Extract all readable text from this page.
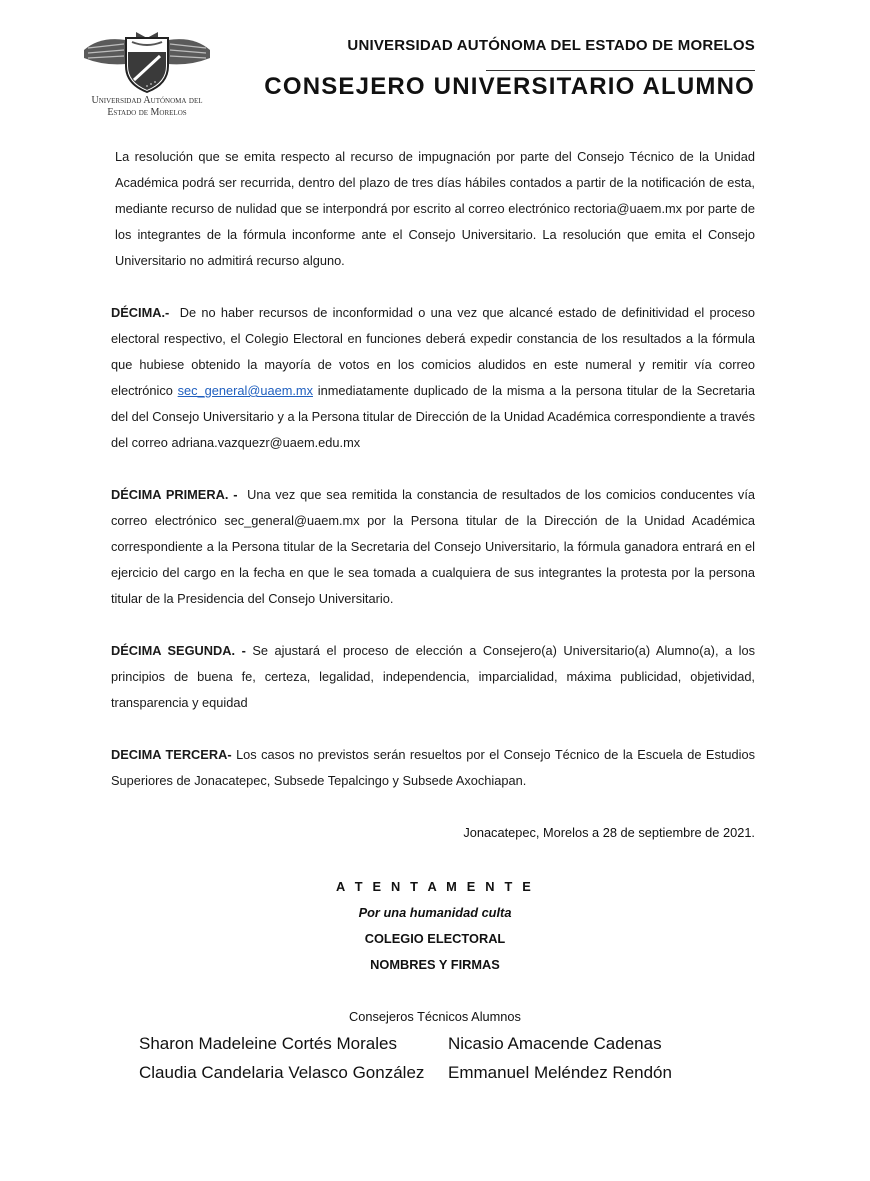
Universidad Autónoma del Estado de Morelos
UNIVERSIDAD AUTÓNOMA DEL ESTADO DE MORELOS
CONSEJERO UNIVERSITARIO ALUMNO

La resolución que se emita respecto al recurso de impugnación por parte del Consejo Técnico de la Unidad Académica podrá ser recurrida, dentro del plazo de tres días hábiles contados a partir de la notificación de esta, mediante recurso de nulidad que se interpondrá por escrito al correo electrónico rectoria@uaem.mx por parte de los integrantes de la fórmula inconforme ante el Consejo Universitario. La resolución que emita el Consejo Universitario no admitirá recurso alguno.

DÉCIMA.- De no haber recursos de inconformidad o una vez que alcancé estado de definitividad el proceso electoral respectivo, el Colegio Electoral en funciones deberá expedir constancia de los resultados a la fórmula que hubiese obtenido la mayoría de votos en los comicios aludidos en este numeral y remitir vía correo electrónico sec_general@uaem.mx inmediatamente duplicado de la misma a la persona titular de la Secretaria del del Consejo Universitario y a la Persona titular de Dirección de la Unidad Académica correspondiente a través del correo adriana.vazquezr@uaem.edu.mx

DÉCIMA PRIMERA. - Una vez que sea remitida la constancia de resultados de los comicios conducentes vía correo electrónico sec_general@uaem.mx por la Persona titular de la Dirección de la Unidad Académica correspondiente a la Persona titular de la Secretaria del Consejo Universitario, la fórmula ganadora entrará en el ejercicio del cargo en la fecha en que le sea tomada a cualquiera de sus integrantes la protesta por la persona titular de la Presidencia del Consejo Universitario.

DÉCIMA SEGUNDA. - Se ajustará el proceso de elección a Consejero(a) Universitario(a) Alumno(a), a los principios de buena fe, certeza, legalidad, independencia, imparcialidad, máxima publicidad, objetividad, transparencia y equidad

DECIMA TERCERA- Los casos no previstos serán resueltos por el Consejo Técnico de la Escuela de Estudios Superiores de Jonacatepec, Subsede Tepalcingo y Subsede Axochiapan.

Jonacatepec, Morelos a 28 de septiembre de 2021.
A T E N T A M E N T E
Por una humanidad culta
COLEGIO ELECTORAL
NOMBRES Y FIRMAS
Consejeros Técnicos Alumnos
Sharon Madeleine Cortés Morales	Nicasio Amacende Cadenas
Claudia Candelaria Velasco González Emmanuel Meléndez Rendón
